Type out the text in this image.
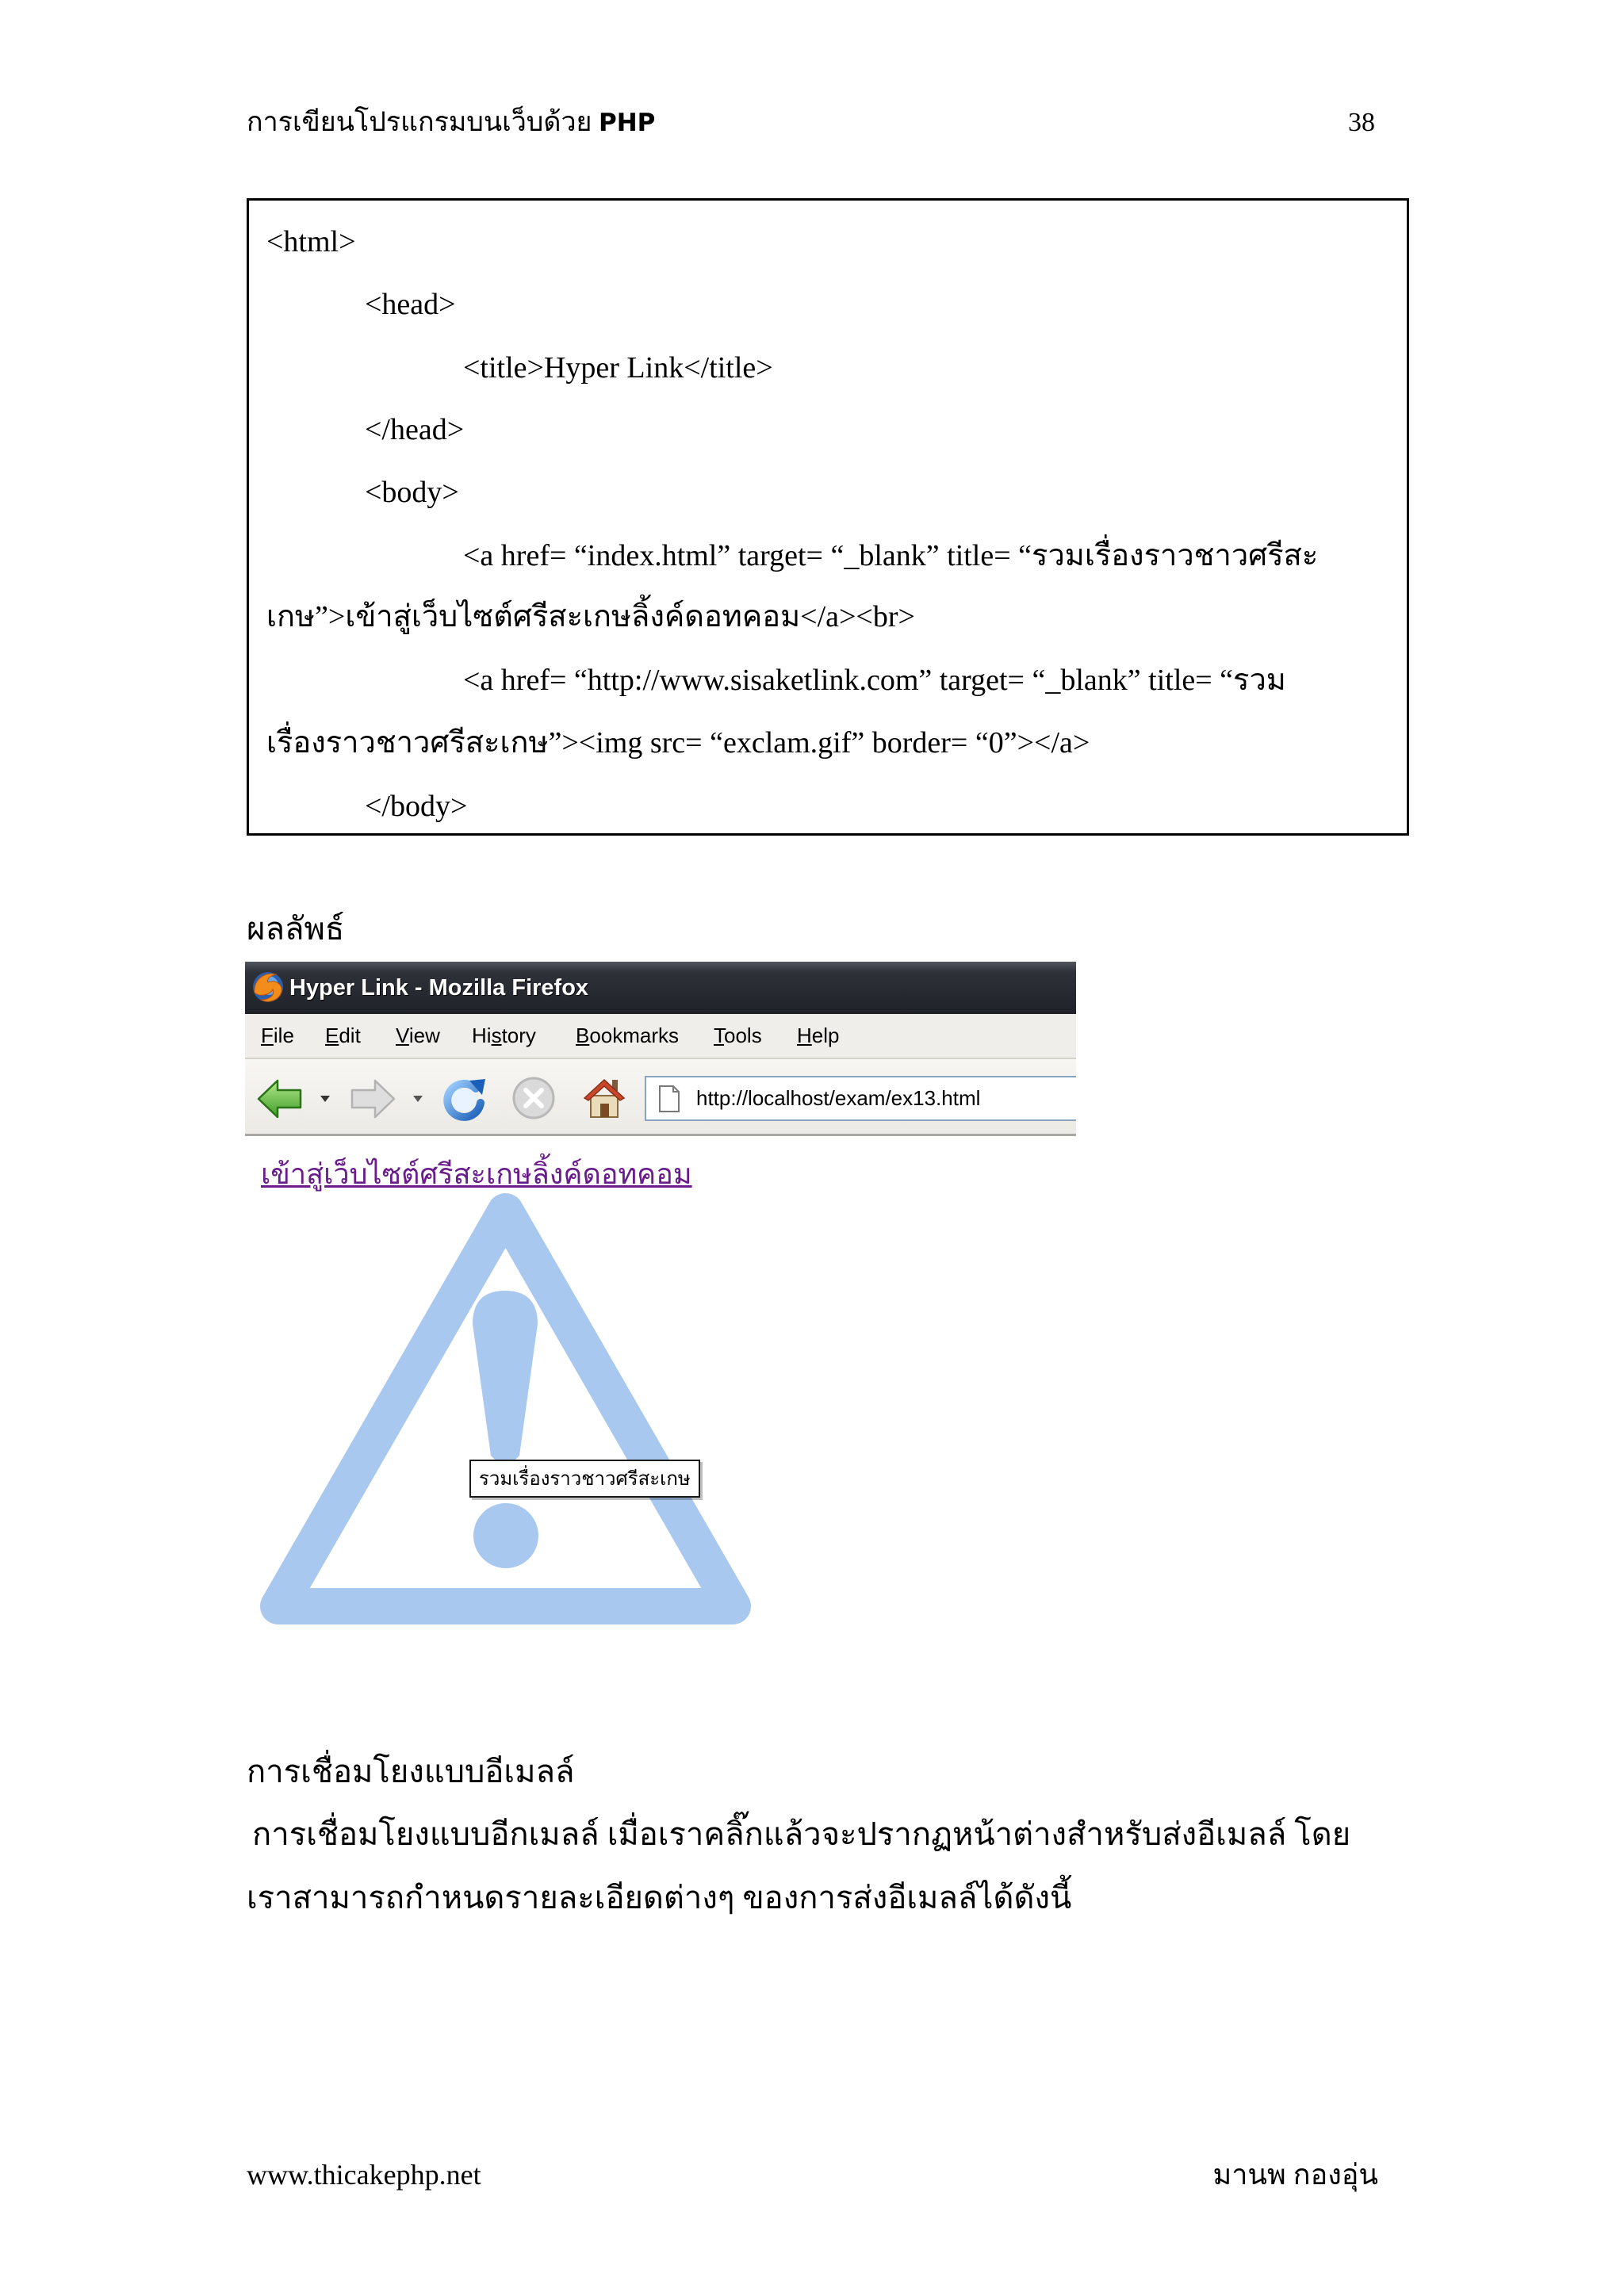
การเขียนโปรแกรมบนเว็บด้วย PHP	38
<html>
<head>
<title>Hyper Link</title>
</head>
<body>
<a href= “index.html” target= “_blank” title= “รวมเรื่องราวชาวศรีสะ
เกษ”>เข้าสู่เว็บไซต์ศรีสะเกษลิ้งค์ดอทคอม</a><br>
<a href= “http://www.sisaketlink.com” target= “_blank” title= “รวม
เรื่องราวชาวศรีสะเกษ”><img src= “exclam.gif” border= “0”></a>
</body>
ผลลัพธ์
Hyper Link - Mozilla Firefox
File Edit View History Bookmarks Tools Help
http://localhost/exam/ex13.html
เข้าสู่เว็บไซต์ศรีสะเกษลิ้งค์ดอทคอม
รวมเรื่องราวชาวศรีสะเกษ
การเชื่อมโยงแบบอีเมลล์
การเชื่อมโยงแบบอีกเมลล์ เมื่อเราคลิ๊กแล้วจะปรากฏหน้าต่างสำหรับส่งอีเมลล์ โดย
เราสามารถกำหนดรายละเอียดต่างๆ ของการส่งอีเมลล์ได้ดังนี้
www.thicakephp.net	มานพ กองอุ่น
